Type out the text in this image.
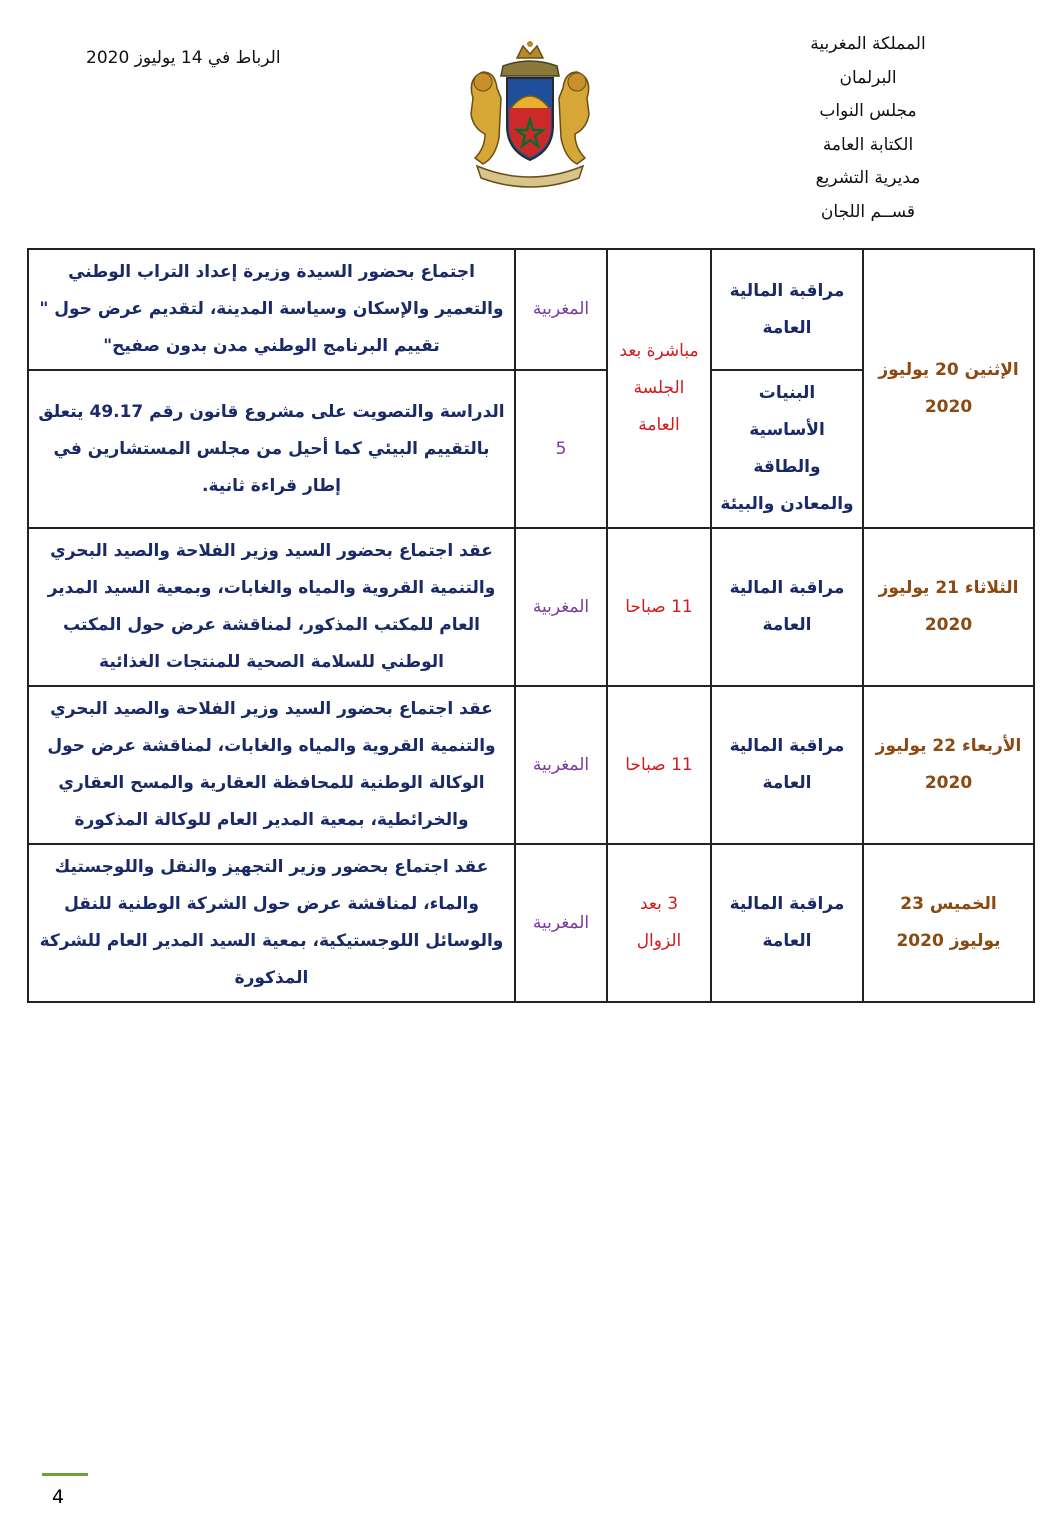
المملكة المغربية
البرلمان
مجلس النواب
الكتابة العامة
مديرية التشريع
قســم اللجان
الرباط في 14 يوليوز 2020
الإثنين 20 يوليوز 2020	مراقبة المالية العامة	مباشرة بعد الجلسة العامة	المغربية	اجتماع بحضور السيدة وزيرة إعداد التراب الوطني والتعمير والإسكان وسياسة المدينة، لتقديم عرض حول " تقييم البرنامج الوطني مدن بدون صفيح"
	البنيات الأساسية والطاقة والمعادن والبيئة		5	الدراسة والتصويت على مشروع قانون رقم 49.17 يتعلق بالتقييم البيئي كما أحيل من مجلس المستشارين في إطار قراءة ثانية.
الثلاثاء 21 يوليوز 2020	مراقبة المالية العامة	11 صباحا	المغربية	عقد اجتماع بحضور السيد وزير الفلاحة والصيد البحري والتنمية القروية والمياه والغابات، وبمعية السيد المدير العام للمكتب المذكور، لمناقشة عرض حول المكتب الوطني للسلامة الصحية للمنتجات الغذائية
الأربعاء 22 يوليوز 2020	مراقبة المالية العامة	11 صباحا	المغربية	عقد اجتماع بحضور السيد وزير الفلاحة والصيد البحري والتنمية القروية والمياه والغابات، لمناقشة عرض حول الوكالة الوطنية للمحافظة العقارية والمسح العقاري والخرائطية، بمعية المدير العام للوكالة المذكورة
الخميس 23 يوليوز 2020	مراقبة المالية العامة	3 بعد الزوال	المغربية	عقد اجتماع بحضور وزير التجهيز والنقل واللوجستيك والماء، لمناقشة عرض حول الشركة الوطنية للنقل والوسائل اللوجستيكية، بمعية السيد المدير العام للشركة المذكورة
4
